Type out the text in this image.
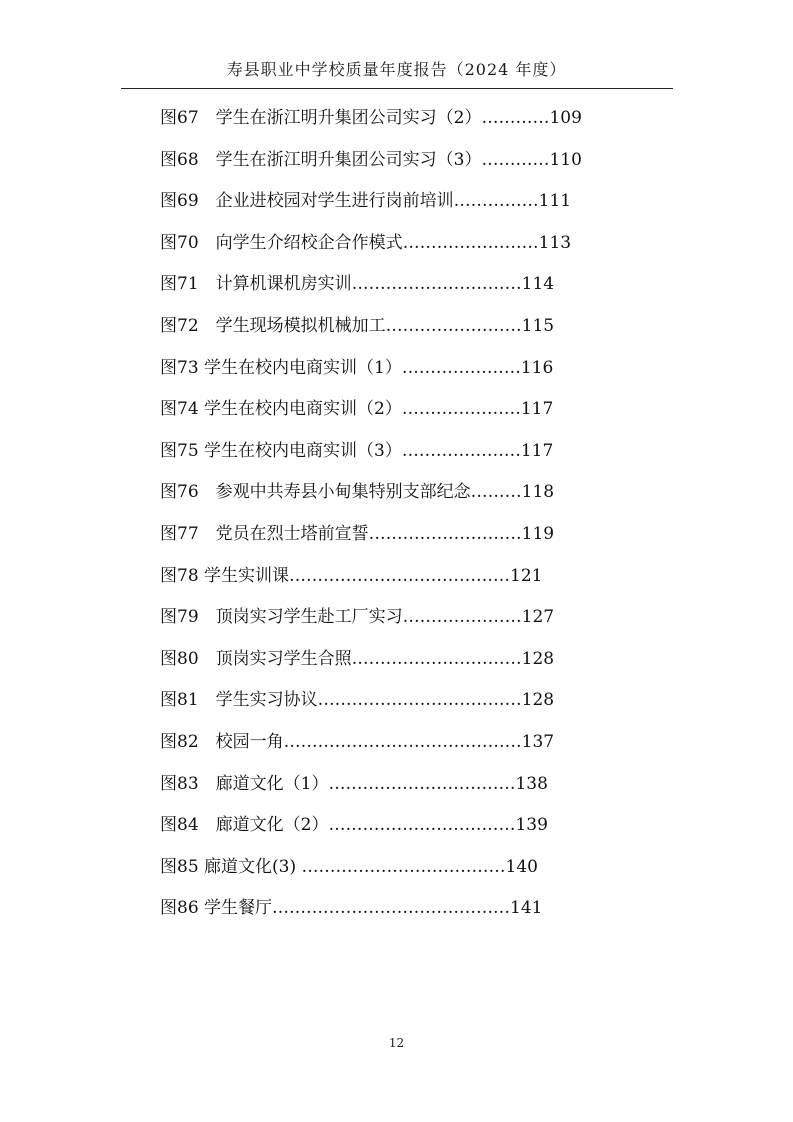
寿县职业中学校质量年度报告（2024 年度）
图67　学生在浙江明升集团公司实习（2）…………109
图68　学生在浙江明升集团公司实习（3）…………110
图69　企业进校园对学生进行岗前培训……………111
图70　向学生介绍校企合作模式……………………113
图71　计算机课机房实训…………………………114
图72　学生现场模拟机械加工……………………115
图73 学生在校内电商实训（1）…………………116
图74 学生在校内电商实训（2）…………………117
图75 学生在校内电商实训（3）…………………117
图76　参观中共寿县小甸集特别支部纪念………118
图77　党员在烈士塔前宣誓………………………119
图78 学生实训课…………………………………121
图79　顶岗实习学生赴工厂实习…………………127
图80　顶岗实习学生合照…………………………128
图81　学生实习协议………………………………128
图82　校园一角……………………………………137
图83　廊道文化（1）……………………………138
图84　廊道文化（2）……………………………139
图85 廊道文化(3) ………………………………140
图86 学生餐厅……………………………………141
12
